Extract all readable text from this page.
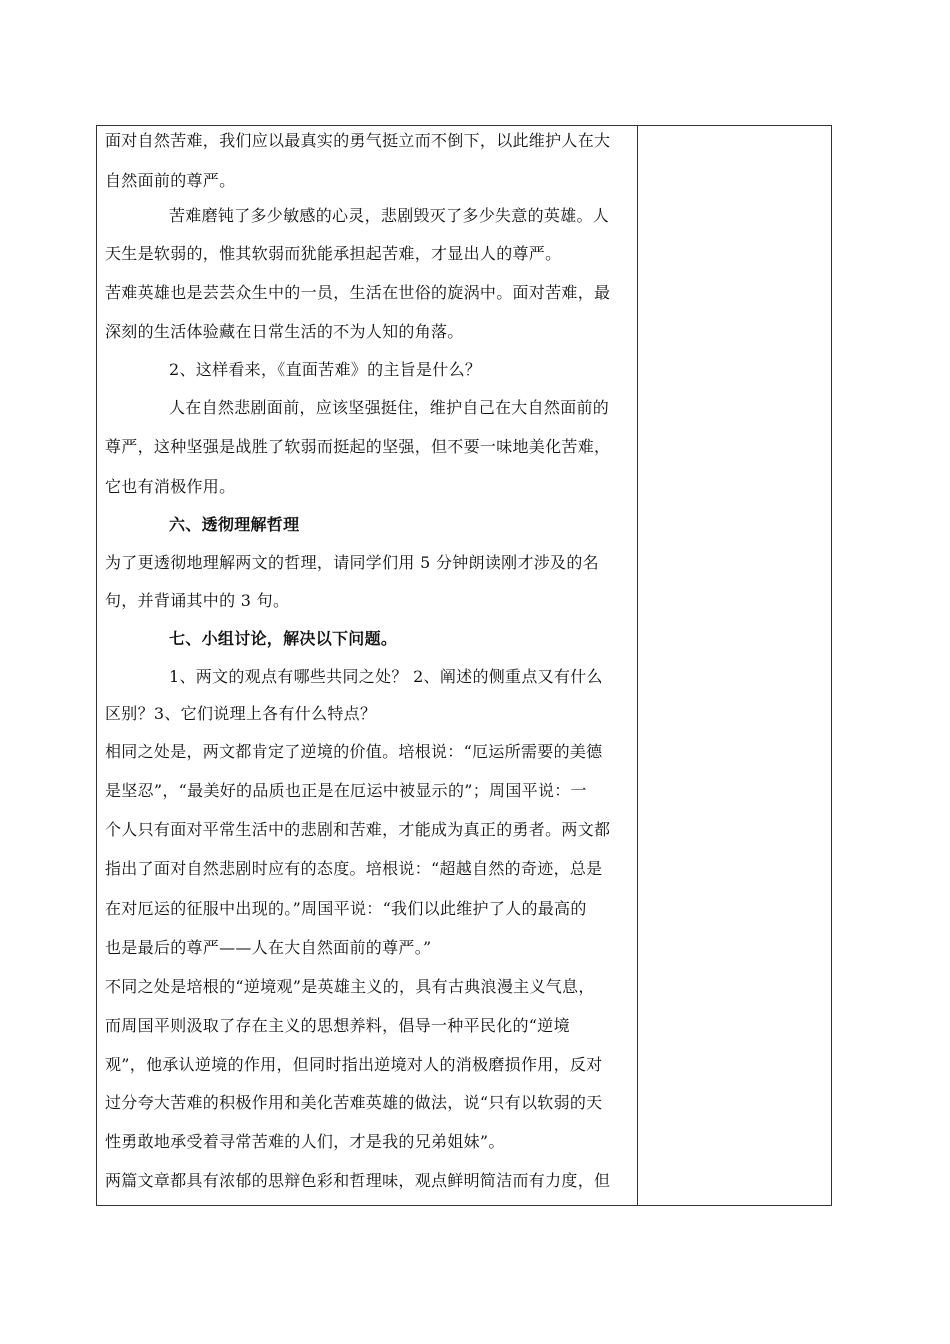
面对自然苦难，我们应以最真实的勇气挺立而不倒下，以此维护人在大
自然面前的尊严。
苦难磨钝了多少敏感的心灵，悲剧毁灭了多少失意的英雄。人
天生是软弱的，惟其软弱而犹能承担起苦难，才显出人的尊严。
苦难英雄也是芸芸众生中的一员，生活在世俗的旋涡中。面对苦难，最
深刻的生活体验藏在日常生活的不为人知的角落。
2、这样看来，《直面苦难》的主旨是什么？
人在自然悲剧面前，应该坚强挺住，维护自己在大自然面前的
尊严，这种坚强是战胜了软弱而挺起的坚强，但不要一味地美化苦难，
它也有消极作用。
六、透彻理解哲理
为了更透彻地理解两文的哲理，请同学们用 5 分钟朗读刚才涉及的名
句，并背诵其中的 3 句。
七、小组讨论，解决以下问题。
1、两文的观点有哪些共同之处？ 2、阐述的侧重点又有什么
区别？3、它们说理上各有什么特点？
相同之处是，两文都肯定了逆境的价值。培根说：“厄运所需要的美德
是坚忍”，“最美好的品质也正是在厄运中被显示的”；周国平说：一
个人只有面对平常生活中的悲剧和苦难，才能成为真正的勇者。两文都
指出了面对自然悲剧时应有的态度。培根说：“超越自然的奇迹，总是
在对厄运的征服中出现的。”周国平说：“我们以此维护了人的最高的
也是最后的尊严——人在大自然面前的尊严。”
不同之处是培根的“逆境观”是英雄主义的，具有古典浪漫主义气息，
而周国平则汲取了存在主义的思想养料，倡导一种平民化的“逆境
观”，他承认逆境的作用，但同时指出逆境对人的消极磨损作用，反对
过分夸大苦难的积极作用和美化苦难英雄的做法，说“只有以软弱的天
性勇敢地承受着寻常苦难的人们，才是我的兄弟姐妹”。
两篇文章都具有浓郁的思辩色彩和哲理味，观点鲜明简洁而有力度，但
